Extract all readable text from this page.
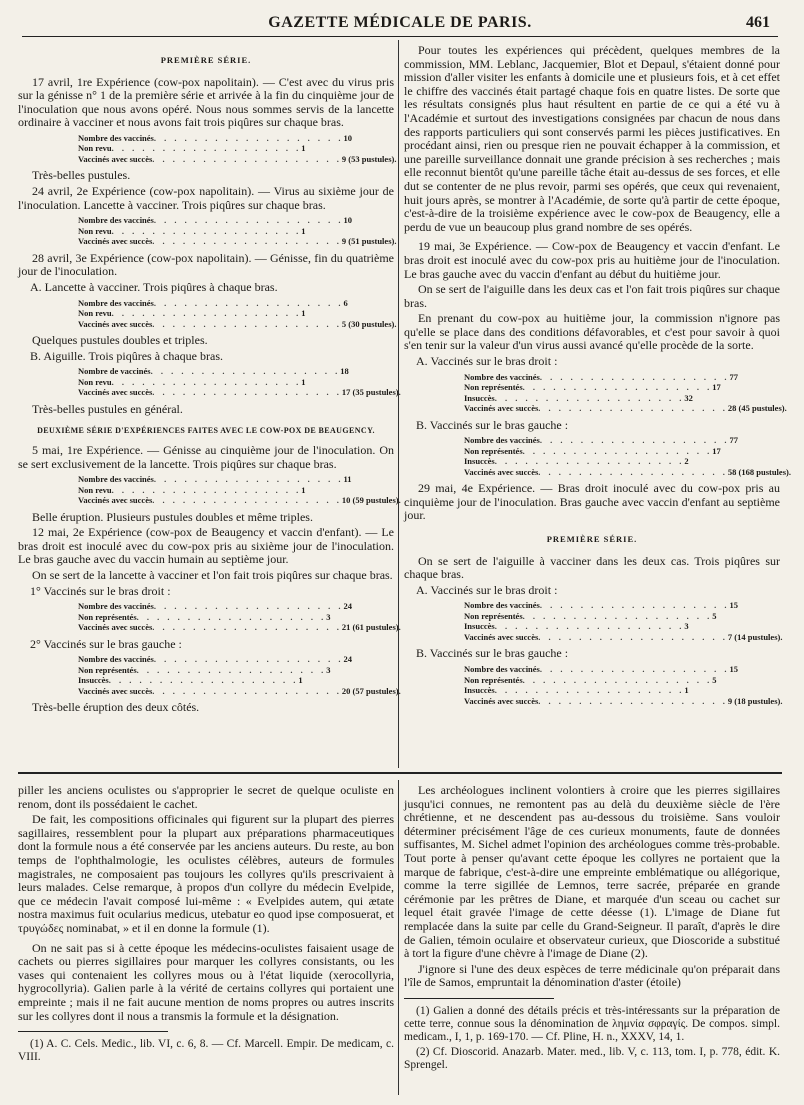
GAZETTE MÉDICALE DE PARIS.	461
PREMIÈRE SÉRIE.

17 avril, 1re Expérience (cow-pox napolitain). — C'est avec du virus pris sur la génisse n° 1 de la première série et arrivée à la fin du cinquième jour de l'inoculation que nous avons opéré. Nous nous sommes servis de la lancette ordinaire à vacciner et nous avons fait trois piqûres sur chaque bras.

Nombre des vaccinés . . . . . . . . . . . . . . . . . . . 10
Non revu . . . . . . . . . . . . . . . . . . . 1
Vaccinés avec succès . . . . . . . . . . . . . . . . . . . 9 (53 pustules).

Très-belles pustules.

24 avril, 2e Expérience (cow-pox napolitain). — Virus au sixième jour de l'inoculation. Lancette à vacciner. Trois piqûres sur chaque bras.

Nombre des vaccinés . . . . . . . . . . . . . . . . . . . 10
Non revu . . . . . . . . . . . . . . . . . . . 1
Vaccinés avec succès . . . . . . . . . . . . . . . . . . . 9 (51 pustules).

28 avril, 3e Expérience (cow-pox napolitain). — Génisse, fin du quatrième jour de l'inoculation.

A. Lancette à vacciner. Trois piqûres à chaque bras.

Nombre des vaccinés . . . . . . . . . . . . . . . . . . . 6
Non revu . . . . . . . . . . . . . . . . . . . 1
Vaccinés avec succès . . . . . . . . . . . . . . . . . . . 5 (30 pustules).

Quelques pustules doubles et triples.

B. Aiguille. Trois piqûres à chaque bras.

Nombre de vaccinés . . . . . . . . . . . . . . . . . . . 18
Non revu . . . . . . . . . . . . . . . . . . . 1
Vaccinés avec succès . . . . . . . . . . . . . . . . . . . 17 (35 pustules).

Très-belles pustules en général.

DEUXIÈME SÉRIE D'EXPÉRIENCES FAITES AVEC LE COW-POX DE BEAUGENCY.

5 mai, 1re Expérience. — Génisse au cinquième jour de l'inoculation. On se sert exclusivement de la lancette. Trois piqûres sur chaque bras.

Nombre des vaccinés . . . . . . . . . . . . . . . . . . . 11
Non revu . . . . . . . . . . . . . . . . . . . 1
Vaccinés avec succès . . . . . . . . . . . . . . . . . . . 10 (59 pustules).

Belle éruption. Plusieurs pustules doubles et même triples.

12 mai, 2e Expérience (cow-pox de Beaugency et vaccin d'enfant). — Le bras droit est inoculé avec du cow-pox pris au sixième jour de l'inoculation. Le bras gauche avec du vaccin humain au septième jour.

On se sert de la lancette à vacciner et l'on fait trois piqûres sur chaque bras.

1° Vaccinés sur le bras droit :

Nombre des vaccinés . . . . . . . . . . . . . . . . . . . 24
Non représentés . . . . . . . . . . . . . . . . . . . 3
Vaccinés avec succès . . . . . . . . . . . . . . . . . . . 21 (61 pustules).

2° Vaccinés sur le bras gauche :

Nombre des vaccinés . . . . . . . . . . . . . . . . . . . 24
Non représentés . . . . . . . . . . . . . . . . . . . 3
Insuccès . . . . . . . . . . . . . . . . . . . 1
Vaccinés avec succès . . . . . . . . . . . . . . . . . . . 20 (57 pustules).

Très-belle éruption des deux côtés.

Pour toutes les expériences qui précèdent, quelques membres de la commission, MM. Leblanc, Jacquemier, Blot et Depaul, s'étaient donné pour mission d'aller visiter les enfants à domicile une et plusieurs fois, et à cet effet le chiffre des vaccinés était partagé chaque fois en quatre listes. De sorte que les résultats consignés plus haut résultent en partie de ce qui a été vu à l'Académie et surtout des investigations consignées par chacun de nous dans des rapports particuliers qui sont conservés parmi les pièces justificatives. En procédant ainsi, rien ou presque rien ne pouvait échapper à la commission, et une pareille surveillance donnait une grande précision à ses recherches ; mais elle reconnut bientôt qu'une pareille tâche était au-dessus de ses forces, et elle dut se contenter de ne plus revoir, parmi ses opérés, que ceux qui revenaient, huit jours après, se montrer à l'Académie, de sorte qu'à partir de cette époque, c'est-à-dire de la troisième expérience avec le cow-pox de Beaugency, elle a perdu de vue un beaucoup plus grand nombre de ses opérés.

19 mai, 3e Expérience. — Cow-pox de Beaugency et vaccin d'enfant. Le bras droit est inoculé avec du cow-pox pris au huitième jour de l'inoculation. Le bras gauche avec du vaccin d'enfant au début du huitième jour.

On se sert de l'aiguille dans les deux cas et l'on fait trois piqûres sur chaque bras.

En prenant du cow-pox au huitième jour, la commission n'ignore pas qu'elle se place dans des conditions défavorables, et c'est pour savoir à quoi s'en tenir sur la valeur d'un virus aussi avancé qu'elle procède de la sorte.

A. Vaccinés sur le bras droit :

Nombre des vaccinés . . . . . . . . . . . . . . . . . . . 77
Non représentés . . . . . . . . . . . . . . . . . . . 17
Insuccès . . . . . . . . . . . . . . . . . . . 32
Vaccinés avec succès . . . . . . . . . . . . . . . . . . . 28 (45 pustules).

B. Vaccinés sur le bras gauche :

Nombre des vaccinés . . . . . . . . . . . . . . . . . . . 77
Non représentés . . . . . . . . . . . . . . . . . . . 17
Insuccès . . . . . . . . . . . . . . . . . . . 2
Vaccinés avec succès . . . . . . . . . . . . . . . . . . . 58 (168 pustules).

29 mai, 4e Expérience. — Bras droit inoculé avec du cow-pox pris au cinquième jour de l'inoculation. Bras gauche avec vaccin d'enfant au septième jour.

PREMIÈRE SÉRIE.

On se sert de l'aiguille à vacciner dans les deux cas. Trois piqûres sur chaque bras.

A. Vaccinés sur le bras droit :

Nombre des vaccinés . . . . . . . . . . . . . . . . . . . 15
Non représentés . . . . . . . . . . . . . . . . . . . 5
Insuccès . . . . . . . . . . . . . . . . . . . 3
Vaccinés avec succès . . . . . . . . . . . . . . . . . . . 7 (14 pustules).

B. Vaccinés sur le bras gauche :

Nombre des vaccinés . . . . . . . . . . . . . . . . . . . 15
Non représentés . . . . . . . . . . . . . . . . . . . 5
Insuccès . . . . . . . . . . . . . . . . . . . 1
Vaccinés avec succès . . . . . . . . . . . . . . . . . . . 9 (18 pustules).

piller les anciens oculistes ou s'approprier le secret de quelque oculiste en renom, dont ils possédaient le cachet.

De fait, les compositions officinales qui figurent sur la plupart des pierres sagillaires, ressemblent pour la plupart aux préparations pharmaceutiques dont la formule nous a été conservée par les anciens auteurs. Du reste, au bon temps de l'ophthalmologie, les oculistes célèbres, auteurs de formules magistrales, ne composaient pas toujours les collyres qu'ils prescrivaient à leurs malades. Celse remarque, à propos d'un collyre du médecin Evelpide, que ce médecin l'avait composé lui-même : « Evelpides autem, qui ætate nostra maximus fuit ocularius medicus, utebatur eo quod ipse composuerat, et τρυγώδες nominabat, » et il en donne la formule (1).

On ne sait pas si à cette époque les médecins-oculistes faisaient usage de cachets ou pierres sigillaires pour marquer les collyres consistants, ou les vases qui contenaient les collyres mous ou à l'état liquide (xerocollyria, hygrocollyria). Galien parle à la vérité de certains collyres qui portaient une empreinte ; mais il ne fait aucune mention de noms propres ou autres inscrits sur les collyres dont il nous a transmis la formule et la désignation.

(1) A. C. Cels. Medic., lib. VI, c. 6, 8. — Cf. Marcell. Empir. De medicam, c. VIII.

Les archéologues inclinent volontiers à croire que les pierres sigillaires jusqu'ici connues, ne remontent pas au delà du deuxième siècle de l'ère chrétienne, et ne descendent pas au-dessous du troisième. Sans vouloir déterminer précisément l'âge de ces curieux monuments, faute de données suffisantes, M. Sichel admet l'opinion des archéologues comme très-probable. Tout porte à penser qu'avant cette époque les collyres ne portaient que la marque de fabrique, c'est-à-dire une empreinte emblématique ou allégorique, comme la terre sigillée de Lemnos, terre sacrée, préparée en grande cérémonie par les prêtres de Diane, et marquée d'un sceau ou cachet sur lequel était gravée l'image de cette déesse (1). L'image de Diane fut remplacée dans la suite par celle du Grand-Seigneur. Il paraît, d'après le dire de Galien, témoin oculaire et observateur curieux, que Dioscoride a substitué à tort la figure d'une chèvre à l'image de Diane (2).

J'ignore si l'une des deux espèces de terre médicinale qu'on préparait dans l'île de Samos, empruntait la dénomination d'aster (étoile)

(1) Galien a donné des détails précis et très-intéressants sur la préparation de cette terre, connue sous la dénomination de λημνία σφραγίς. De compos. simpl. medicam., I, 1, p. 169-170. — Cf. Pline, H. n., XXXV, 14, 1.

(2) Cf. Dioscorid. Anazarb. Mater. med., lib. V, c. 113, tom. I, p. 778, édit. K. Sprengel.
